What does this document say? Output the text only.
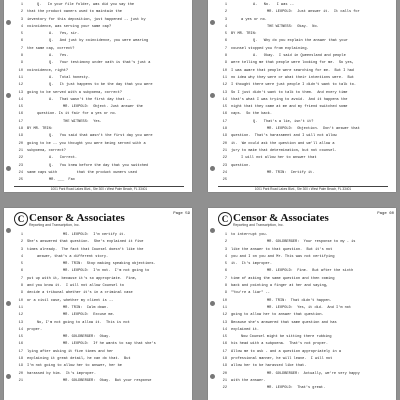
1	Q.   In your file folder, was did you say the
2 that the product owners used to maintain the
3 inventory for this deposition, just happened -- just by
4 coincidence, was serving your same cap?
5	A.   Yes, sir.
6	Q.   And just by coincidence, you were wearing
7 the same cap, correct?
8	A.   Yes.
9	Q.   Your testimony under oath is that's just a
10 coincidence, right?
11	A.   Total honesty.
12	Q.   It just happens to be the day that you were
13 going to be served with a subpoena, correct?
14	A.   That wasn't the first day that --
15	MR. LEOPOLD:  Object. Just answer the
16	question. Is it fair for a yes or no.
17	THE WITNESS:  Yes.
18 BY MR. TRIN:
19	Q.   You said that wasn't the first day you were
20 going to be -- you thought you were being served with a
21 subpoena, correct?
22	A.   Correct.
23	Q.   You knew before the day that you switched
24 same caps with         that the product owners used
25	MR. ___  Fax
1001 Park Road Lakes Blvd., Ste 300 • West Palm Beach, FL 33401
1	A.   No.   I was --
2	MR. LEOPOLD:  Just answer it.  It calls for
3	a yes or no.
4	THE WITNESS:  Okay.  No.
5 BY MR. TRIN:
6	Q.   Why do you explain the answer that your
7 counsel stopped you from explaining.
8	A.   Okay.  I said in Queensland and people
9 were telling me that people were looking for me.  So yes,
10 I was aware that people were searching for me.  But I had
11 no idea why they were or what their intentions were.  But
12 I thought there were just people I didn't want to talk to.
13 So I just didn't want to talk to them.  And every time
14 that's what I was trying to avoid.  And it happens the
15 night that they came at me and my friend switched some
16 caps.  So the back.
17	Q.   That's a lie, isn't it?
18	MR. LEOPOLD:  Objection.  Don't answer that
19 question.  That's harassment and I will not allow
20 it.  We could ask the question and we'll allow a
21 jury to make that determination, but not counsel.
22	I will not allow her to answer that
23 question.
24	MR. TRIN:  Certify it.
25
1001 Park Road Lakes Blvd., Ste 300 • West Palm Beach, FL 33401
C Censor & Associates
Reporting and Transcription, Inc.
Page 59
1	MS. LEOPOLD:  I'm certify it.
2 She's answered that question.  She's explained it five
3 times already.  The fact that Counsel doesn't like the
4	answer, that's a different story.
5	MR. TRIN:  Stop making speaking objections.
6	MR. LEOPOLD:  I'm not.  I'm not going to
7 put up with it, because it's so appropriate.  Fine,
8 and you know it.  I will not allow Counsel to
9 decide a tribunal whether it's in a criminal case
10 or a civil case, whether my client is --
11	MR. TRIN:  Calm down.
12	MR. LEOPOLD:  Excuse me.
13	No, I'm not going to allow it.  This is not
14 proper.
15	MR. GOLDBERGER:  Okay.
16	MR. LEOPOLD:  If he wants to say that she's
17 lying after asking it five times and her
18 explaining it great detail, he can do that.  But
19 I'm not going to allow her to answer, her be
20 harassed by him.  It's improper.
21	MR. GOLDBERGER:  Okay.  But your response
C Censor & Associates
Reporting and Transcription, Inc.
Page 60
1 to interrupt you.
2	MR. GOLDBERGER:  Your response to my - is
3 like the answer to that question.  But it's not
4 you and I on you and Mr. This was not certifying
5 it.  It's improper.
6	MR. LEOPOLD:  Fine.  But after the sixth
7 time of asking the same question and then coming
8 back and pointing a finger at her and saying,
9 "You're a liar" --
10	MR. TRIN:  That didn't happen.
11	MR. LEOPOLD:  Yes, it did.  And I'm not
12 going to allow her to answer that question.
13 Because she's answered that same question and has
14 explained it.
15	Now Counsel might be sitting there rubbing
16 his head with a subpoena.  That's not proper.
17 Allow me to ask - and a question appropriately in a
18 professional manner, he will leave.  I will not
19 allow her to be harassed like that.
20	MR. GOLDBERGER:  Actually, we're very happy
21 with the answer.
22	MR. LEOPOLD:  That's great.
